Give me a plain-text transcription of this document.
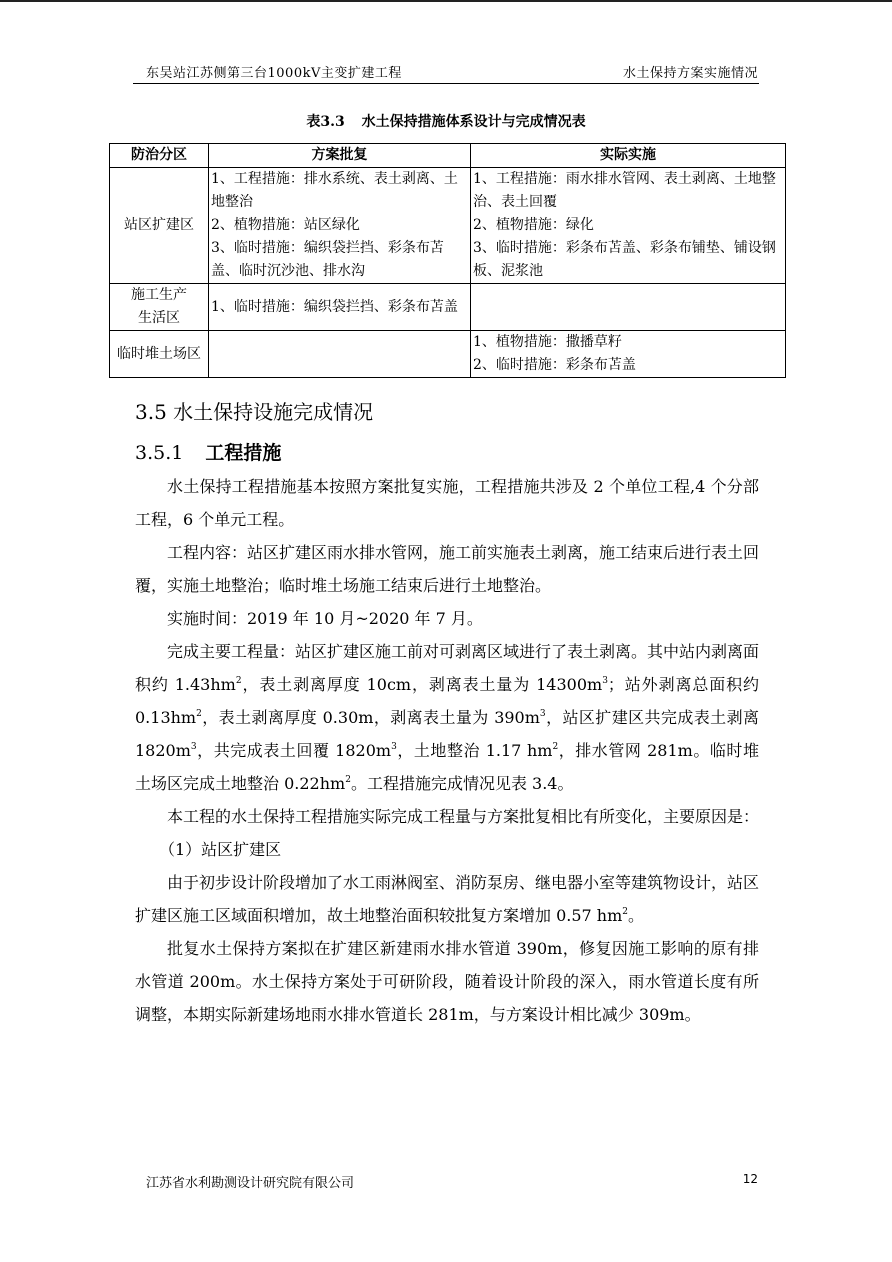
东吴站江苏侧第三台1000kV主变扩建工程	水土保持方案实施情况
表3.3 水土保持措施体系设计与完成情况表
防治分区	方案批复	实际实施
站区扩建区	1、工程措施：排水系统、表土剥离、土地整治
2、植物措施：站区绿化
3、临时措施：编织袋拦挡、彩条布苫盖、临时沉沙池、排水沟	1、工程措施：雨水排水管网、表土剥离、土地整治、表土回覆
2、植物措施：绿化
3、临时措施：彩条布苫盖、彩条布铺垫、铺设钢板、泥浆池

施工生产生活区	1、临时措施：编织袋拦挡、彩条布苫盖	

临时堆土场区		1、植物措施：撒播草籽
2、临时措施：彩条布苫盖
3.5 水土保持设施完成情况
3.5.1 工程措施

水土保持工程措施基本按照方案批复实施，工程措施共涉及 2 个单位工程,4 个分部工程，6 个单元工程。

工程内容：站区扩建区雨水排水管网，施工前实施表土剥离，施工结束后进行表土回覆，实施土地整治；临时堆土场施工结束后进行土地整治。

实施时间：2019 年 10 月~2020 年 7 月。

完成主要工程量：站区扩建区施工前对可剥离区域进行了表土剥离。其中站内剥离面积约 $1.43hm^2$，表土剥离厚度 10cm，剥离表土量为 $14300m^3$；站外剥离总面积约 $0.13hm^2$，表土剥离厚度 0.30m，剥离表土量为 $390m^3$，站区扩建区共完成表土剥离 $1820m^3$，共完成表土回覆 $1820m^3$，土地整治 1.17 $hm^2$，排水管网 281m。临时堆土场区完成土地整治 $0.22hm^2$。工程措施完成情况见表 3.4。

本工程的水土保持工程措施实际完成工程量与方案批复相比有所变化，主要原因是：

（1）站区扩建区

由于初步设计阶段增加了水工雨淋阀室、消防泵房、继电器小室等建筑物设计，站区扩建区施工区域面积增加，故土地整治面积较批复方案增加 0.57 $hm^2$。

批复水土保持方案拟在扩建区新建雨水排水管道 390m，修复因施工影响的原有排水管道 200m。水土保持方案处于可研阶段，随着设计阶段的深入，雨水管道长度有所调整，本期实际新建场地雨水排水管道长 281m，与方案设计相比减少 309m。

江苏省水利勘测设计研究院有限公司	12
